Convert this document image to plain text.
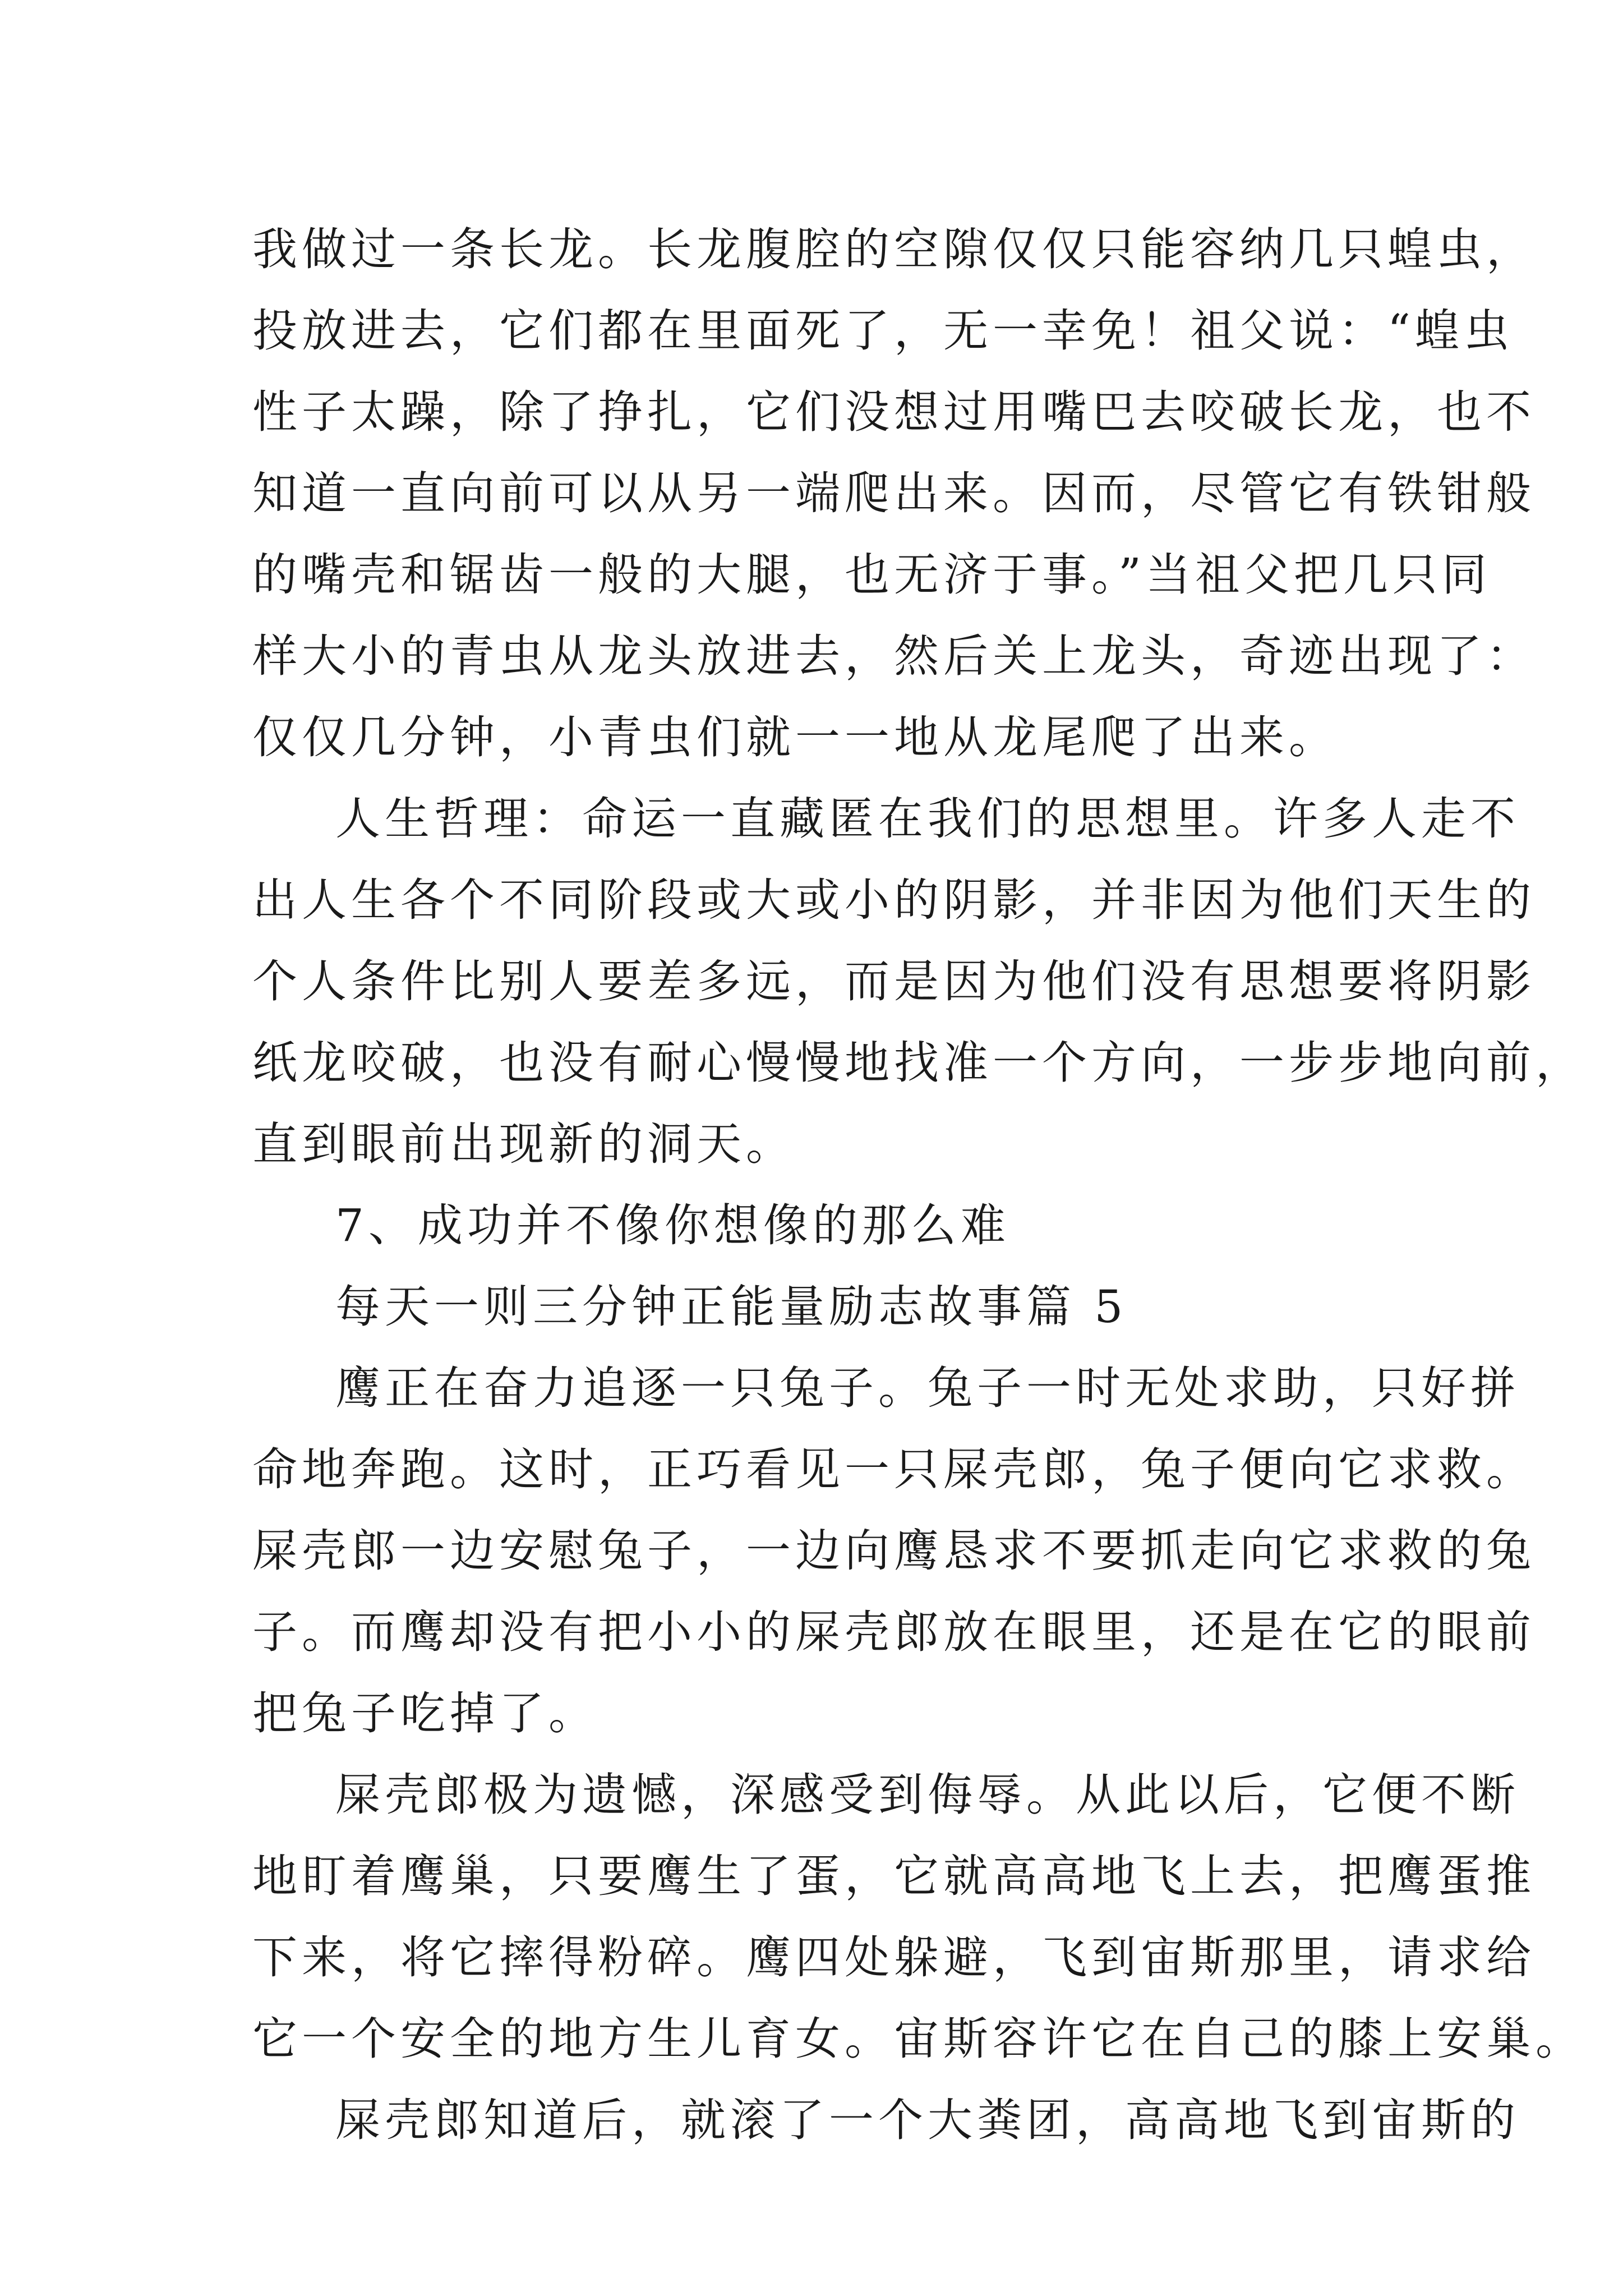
我做过一条长龙。长龙腹腔的空隙仅仅只能容纳几只蝗虫，
投放进去，它们都在里面死了，无一幸免！祖父说：“蝗虫
性子太躁，除了挣扎，它们没想过用嘴巴去咬破长龙，也不
知道一直向前可以从另一端爬出来。因而，尽管它有铁钳般
的嘴壳和锯齿一般的大腿，也无济于事。”当祖父把几只同
样大小的青虫从龙头放进去，然后关上龙头，奇迹出现了：
仅仅几分钟，小青虫们就一一地从龙尾爬了出来。
人生哲理：命运一直藏匿在我们的思想里。许多人走不
出人生各个不同阶段或大或小的阴影，并非因为他们天生的
个人条件比别人要差多远，而是因为他们没有思想要将阴影
纸龙咬破，也没有耐心慢慢地找准一个方向，一步步地向前，
直到眼前出现新的洞天。
7、成功并不像你想像的那么难
每天一则三分钟正能量励志故事篇 5
鹰正在奋力追逐一只兔子。兔子一时无处求助，只好拼
命地奔跑。这时，正巧看见一只屎壳郎，兔子便向它求救。
屎壳郎一边安慰兔子，一边向鹰恳求不要抓走向它求救的兔
子。而鹰却没有把小小的屎壳郎放在眼里，还是在它的眼前
把兔子吃掉了。
屎壳郎极为遗憾，深感受到侮辱。从此以后，它便不断
地盯着鹰巢，只要鹰生了蛋，它就高高地飞上去，把鹰蛋推
下来，将它摔得粉碎。鹰四处躲避，飞到宙斯那里，请求给
它一个安全的地方生儿育女。宙斯容许它在自己的膝上安巢。
屎壳郎知道后，就滚了一个大粪团，高高地飞到宙斯的
